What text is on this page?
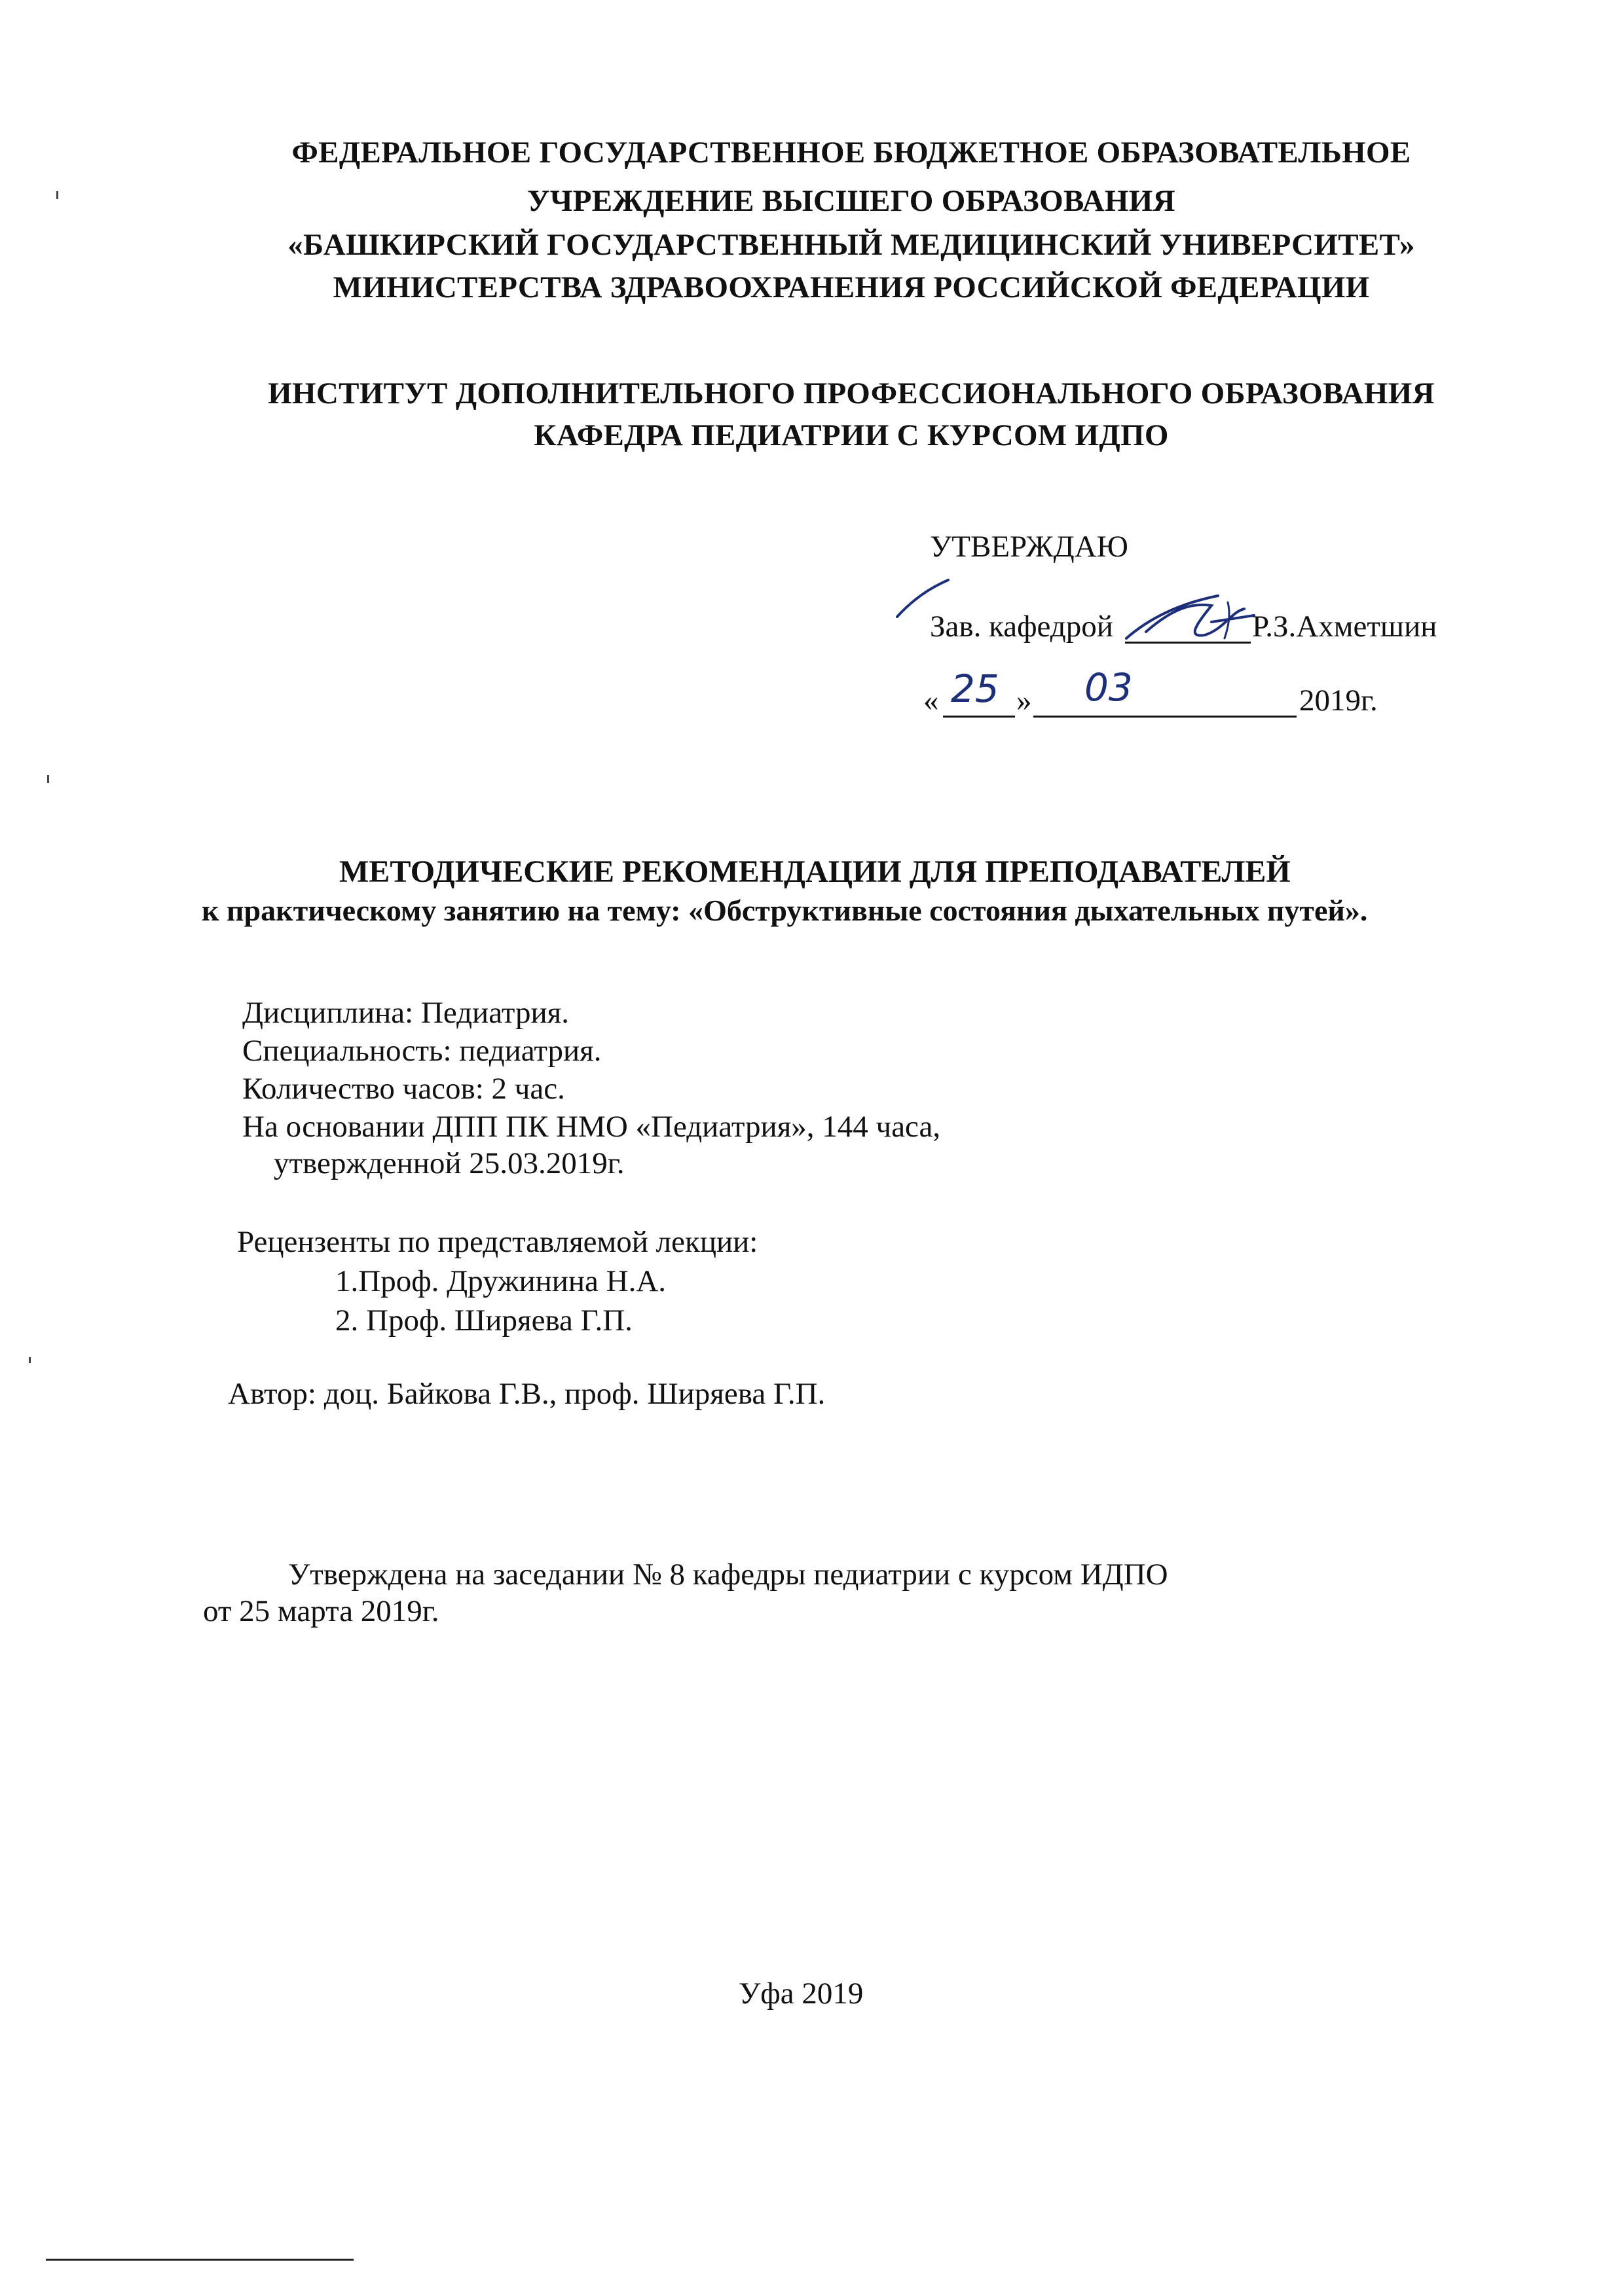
ФЕДЕРАЛЬНОЕ ГОСУДАРСТВЕННОЕ БЮДЖЕТНОЕ ОБРАЗОВАТЕЛЬНОЕ
УЧРЕЖДЕНИЕ ВЫСШЕГО ОБРАЗОВАНИЯ
«БАШКИРСКИЙ ГОСУДАРСТВЕННЫЙ МЕДИЦИНСКИЙ УНИВЕРСИТЕТ»
МИНИСТЕРСТВА ЗДРАВООХРАНЕНИЯ РОССИЙСКОЙ ФЕДЕРАЦИИ
ИНСТИТУТ ДОПОЛНИТЕЛЬНОГО ПРОФЕССИОНАЛЬНОГО ОБРАЗОВАНИЯ
КАФЕДРА ПЕДИАТРИИ С КУРСОМ ИДПО
УТВЕРЖДАЮ
Зав. кафедрой	Р.З.Ахметшин
« 25 » 03	2019г.
МЕТОДИЧЕСКИЕ РЕКОМЕНДАЦИИ ДЛЯ ПРЕПОДАВАТЕЛЕЙ
к практическому занятию на тему: «Обструктивные состояния дыхательных путей».
Дисциплина: Педиатрия.
Специальность: педиатрия.
Количество часов: 2 час.
На основании ДПП ПК НМО «Педиатрия», 144 часа,
утвержденной 25.03.2019г.
Рецензенты по представляемой лекции:
1.Проф. Дружинина Н.А.
2. Проф. Ширяева Г.П.
Автор: доц. Байкова Г.В., проф. Ширяева Г.П.
Утверждена на заседании № 8 кафедры педиатрии с курсом ИДПО
от 25 марта 2019г.
Уфа 2019
